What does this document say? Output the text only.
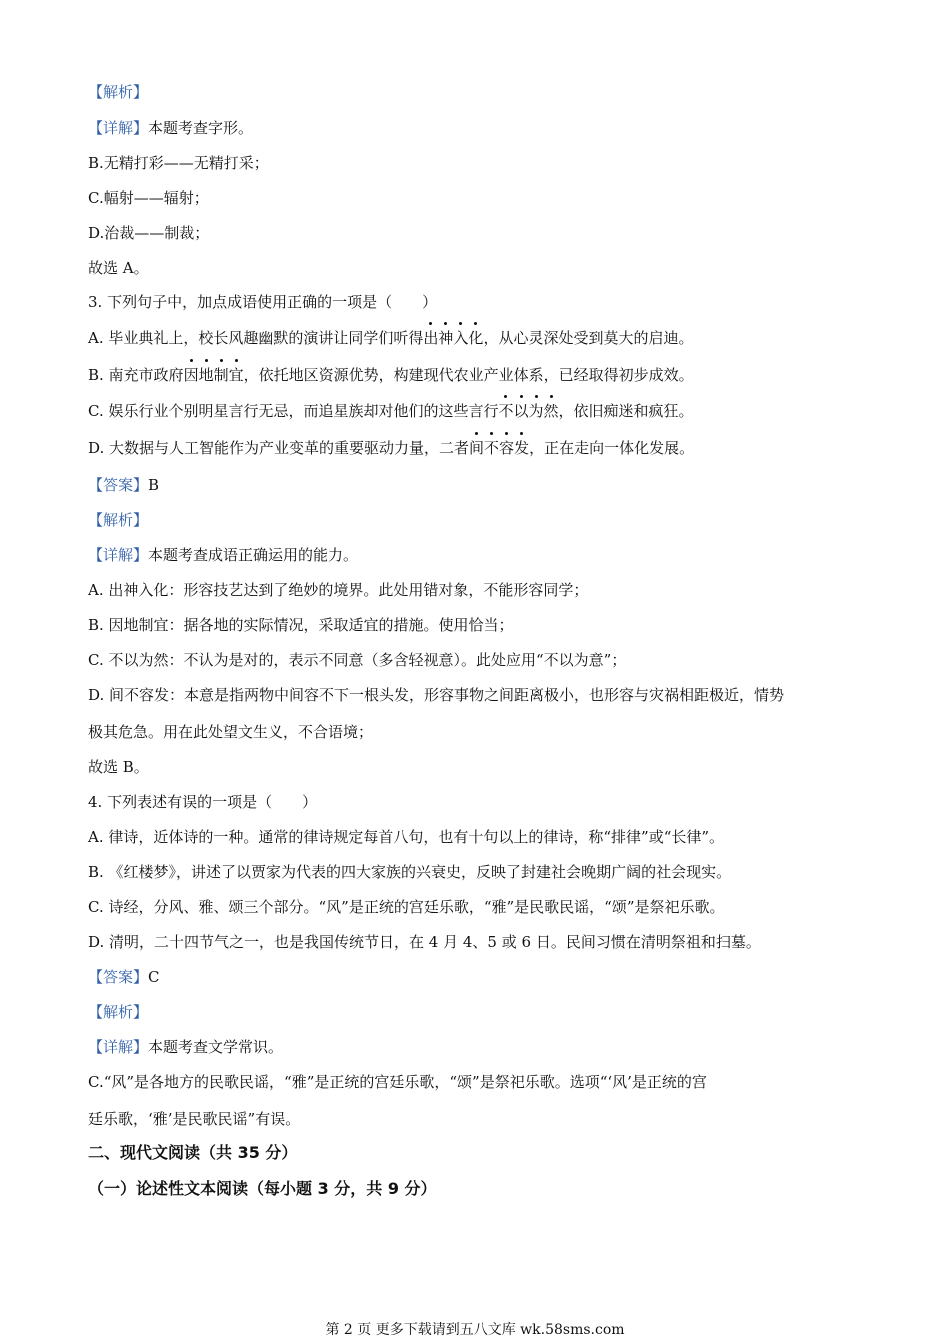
【解析】
【详解】本题考查字形。
B.无精打彩——无精打采；
C.幅射——辐射；
D.治裁——制裁；
故选 A。
3. 下列句子中，加点成语使用正确的一项是（　　）
A. 毕业典礼上，校长风趣幽默的演讲让同学们听得出神入化，从心灵深处受到莫大的启迪。
B. 南充市政府因地制宜，依托地区资源优势，构建现代农业产业体系，已经取得初步成效。
C. 娱乐行业个别明星言行无忌，而追星族却对他们的这些言行不以为然，依旧痴迷和疯狂。
D. 大数据与人工智能作为产业变革的重要驱动力量，二者间不容发，正在走向一体化发展。
【答案】B
【解析】
【详解】本题考查成语正确运用的能力。
A. 出神入化：形容技艺达到了绝妙的境界。此处用错对象，不能形容同学；
B. 因地制宜：据各地的实际情况，采取适宜的措施。使用恰当；
C. 不以为然：不认为是对的，表示不同意（多含轻视意）。此处应用“不以为意”；
D. 间不容发：本意是指两物中间容不下一根头发，形容事物之间距离极小，也形容与灾祸相距极近，情势
极其危急。用在此处望文生义，不合语境；
故选 B。
4. 下列表述有误的一项是（　　）
A. 律诗，近体诗的一种。通常的律诗规定每首八句，也有十句以上的律诗，称“排律”或“长律”。
B. 《红楼梦》，讲述了以贾家为代表的四大家族的兴衰史，反映了封建社会晚期广阔的社会现实。
C. 诗经，分风、雅、颂三个部分。“风”是正统的宫廷乐歌，“雅”是民歌民谣，“颂”是祭祀乐歌。
D. 清明，二十四节气之一，也是我国传统节日，在 4 月 4、5 或 6 日。民间习惯在清明祭祖和扫墓。
【答案】C
【解析】
【详解】本题考查文学常识。
C.“风”是各地方的民歌民谣，“雅”是正统的宫廷乐歌，“颂”是祭祀乐歌。选项“‘风’是正统的宫
廷乐歌，‘雅’是民歌民谣”有误。
二、现代文阅读（共 35 分）
（一）论述性文本阅读（每小题 3 分，共 9 分）
第 2 页 更多下载请到五八文库 wk.58sms.com
